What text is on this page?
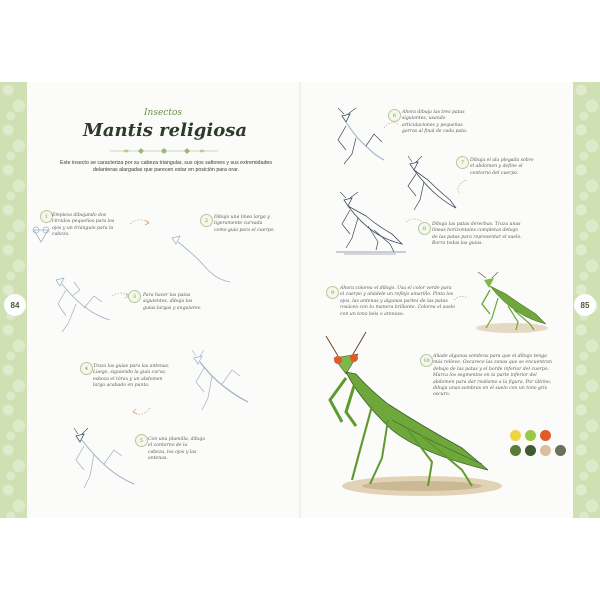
84	85
Insectos
Mantis religiosa
Este insecto se caracteriza por su cabeza triangular, sus ojos saltones y sus extremidades delanteras alargadas que parecen estar en posición para orar.
1 Empieza dibujando dos círculos pequeños para los ojos y un triángulo para la cabeza.
2	Dibuja una línea larga y ligeramente curvada como guía para el cuerpo.
3	Para hacer las patas siguientes, dibuja las guías largas y angulares.
4	Traza las guías para las antenas. Luego, siguiendo la guía curva, esboza el tórax y un abdomen largo acabado en punta.
5	Con una plumilla, dibuja el contorno de la cabeza, los ojos y las antenas.
6	Ahora dibuja las tres patas siguientes, usando articulaciones y pequeñas garras al final de cada pata.
7	Dibuja el ala plegada sobre el abdomen y define el contorno del cuerpo.
8
Dibuja las patas derechas. Traza unas líneas horizontales completas debajo de las patas para representar el suelo. Borra todas las guías.
9
Ahora colorea el dibujo. Usa el color verde para el cuerpo y añádele un reflejo amarillo. Pinta los ojos, las antenas y algunas partes de las patas rosáceo con tu manera brillante. Colorea el suelo con un tono beis o arenoso.
10
Añade algunas sombras para que el dibujo tenga más relieve. Oscurece las zonas que se encuentran debajo de las patas y el borde inferior del cuerpo. Marca los segmentos en la parte inferior del abdomen para dar realismo a la figura. Por último, dibuja unas sombras en el suelo con un tono gris oscuro.
